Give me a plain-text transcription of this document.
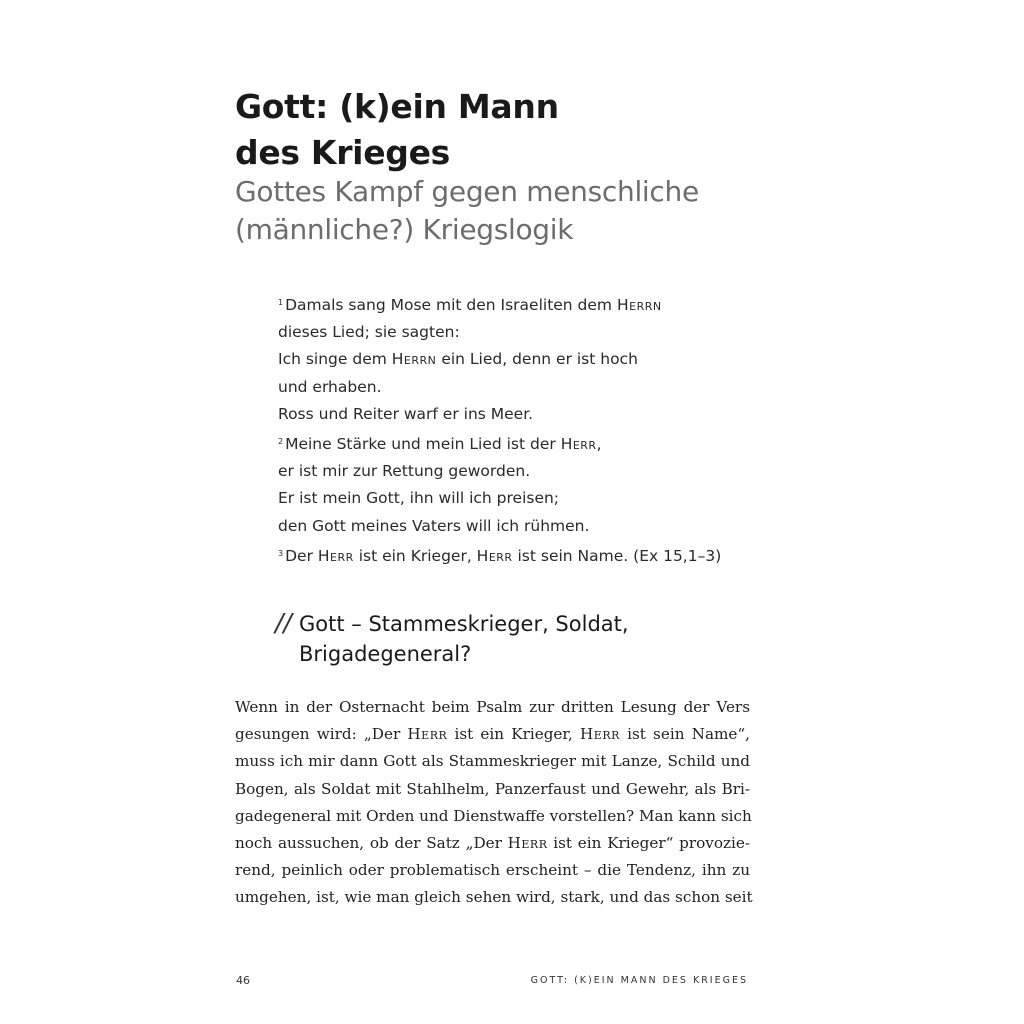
Gott: (k)ein Mann
des Krieges
Gottes Kampf gegen menschliche
(männliche?) Kriegslogik
$^1$ Damals sang Mose mit den Israeliten dem Herrn
dieses Lied; sie sagten:
Ich singe dem Herrn ein Lied, denn er ist hoch
und erhaben.
Ross und Reiter warf er ins Meer.
$^2$ Meine Stärke und mein Lied ist der Herr,
er ist mir zur Rettung geworden.
Er ist mein Gott, ihn will ich preisen;
den Gott meines Vaters will ich rühmen.
$^3$ Der Herr ist ein Krieger, Herr ist sein Name. (Ex 15,1–3)
// Gott – Stammeskrieger, Soldat,
Brigadegeneral?
Wenn in der Osternacht beim Psalm zur dritten Lesung der Vers
gesungen wird: „Der Herr ist ein Krieger, Herr ist sein Name“,
muss ich mir dann Gott als Stammeskrieger mit Lanze, Schild und
Bogen, als Soldat mit Stahlhelm, Panzerfaust und Gewehr, als Bri-
gadegeneral mit Orden und Dienstwaffe vorstellen? Man kann sich
noch aussuchen, ob der Satz „Der Herr ist ein Krieger“ provozie-
rend, peinlich oder problematisch erscheint – die Tendenz, ihn zu
umgehen, ist, wie man gleich sehen wird, stark, und das schon seit
46	GOTT: (K)EIN MANN DES KRIEGES
